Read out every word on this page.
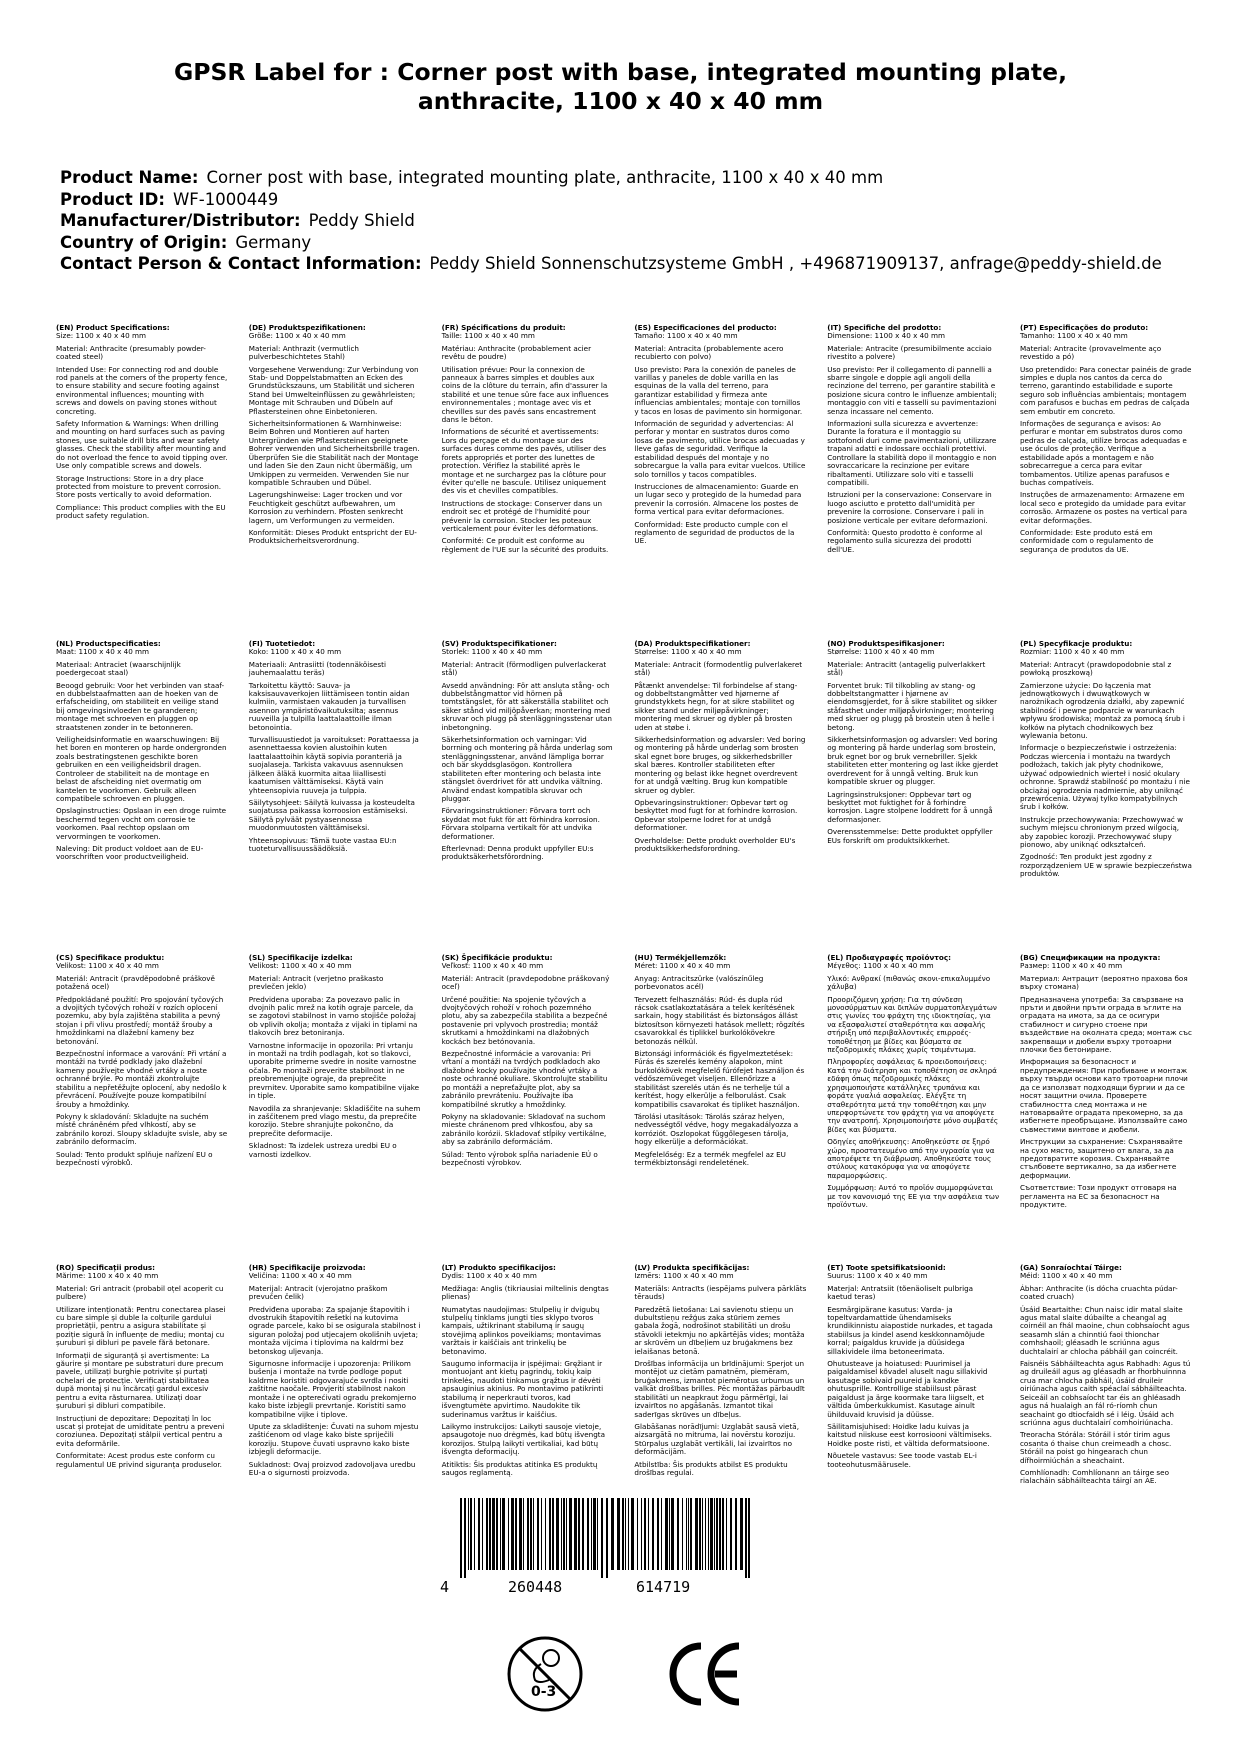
GPSR Label for : Corner post with base, integrated mounting plate,
anthracite, 1100 x 40 x 40 mm
Product Name: Corner post with base, integrated mounting plate, anthracite, 1100 x 40 x 40 mm
Product ID: WF-1000449
Manufacturer/Distributor: Peddy Shield
Country of Origin: Germany
Contact Person & Contact Information: Peddy Shield Sonnenschutzsysteme GmbH , +496871909137, anfrage@peddy-shield.de
(EN) Product Specifications:

Size: 1100 x 40 x 40 mm

Material: Anthracite (presumably powder-coated steel)

Intended Use: For connecting rod and double rod panels at the corners of the property fence, to ensure stability and secure footing against environmental influences; mounting with screws and dowels on paving stones without concreting.

Safety Information & Warnings: When drilling and mounting on hard surfaces such as paving stones, use suitable drill bits and wear safety glasses. Check the stability after mounting and do not overload the fence to avoid tipping over. Use only compatible screws and dowels.

Storage Instructions: Store in a dry place protected from moisture to prevent corrosion. Store posts vertically to avoid deformation.

Compliance: This product complies with the EU product safety regulation.

(DE) Produktspezifikationen:

Größe: 1100 x 40 x 40 mm

Material: Anthrazit (vermutlich pulverbeschichtetes Stahl)

Vorgesehene Verwendung: Zur Verbindung von Stab- und Doppelstabmatten an Ecken des Grundstückszauns, um Stabilität und sicheren Stand bei Umwelteinflüssen zu gewährleisten; Montage mit Schrauben und Dübeln auf Pflastersteinen ohne Einbetonieren.

Sicherheitsinformationen & Warnhinweise: Beim Bohren und Montieren auf harten Untergründen wie Pflastersteinen geeignete Bohrer verwenden und Sicherheitsbrille tragen. Überprüfen Sie die Stabilität nach der Montage und laden Sie den Zaun nicht übermäßig, um Umkippen zu vermeiden. Verwenden Sie nur kompatible Schrauben und Dübel.

Lagerungshinweise: Lager trocken und vor Feuchtigkeit geschützt aufbewahren, um Korrosion zu verhindern. Pfosten senkrecht lagern, um Verformungen zu vermeiden.

Konformität: Dieses Produkt entspricht der EU-Produktsicherheitsverordnung.

(FR) Spécifications du produit:

Taille: 1100 x 40 x 40 mm

Matériau: Anthracite (probablement acier revêtu de poudre)

Utilisation prévue: Pour la connexion de panneaux à barres simples et doubles aux coins de la clôture du terrain, afin d'assurer la stabilité et une tenue sûre face aux influences environnementales ; montage avec vis et chevilles sur des pavés sans encastrement dans le béton.

Informations de sécurité et avertissements: Lors du perçage et du montage sur des surfaces dures comme des pavés, utiliser des forets appropriés et porter des lunettes de protection. Vérifiez la stabilité après le montage et ne surchargez pas la clôture pour éviter qu'elle ne bascule. Utilisez uniquement des vis et chevilles compatibles.

Instructions de stockage: Conserver dans un endroit sec et protégé de l'humidité pour prévenir la corrosion. Stocker les poteaux verticalement pour éviter les déformations.

Conformité: Ce produit est conforme au règlement de l'UE sur la sécurité des produits.

(ES) Especificaciones del producto:

Tamaño: 1100 x 40 x 40 mm

Material: Antracita (probablemente acero recubierto con polvo)

Uso previsto: Para la conexión de paneles de varillas y paneles de doble varilla en las esquinas de la valla del terreno, para garantizar estabilidad y firmeza ante influencias ambientales; montaje con tornillos y tacos en losas de pavimento sin hormigonar.

Información de seguridad y advertencias: Al perforar y montar en sustratos duros como losas de pavimento, utilice brocas adecuadas y lleve gafas de seguridad. Verifique la estabilidad después del montaje y no sobrecargue la valla para evitar vuelcos. Utilice solo tornillos y tacos compatibles.

Instrucciones de almacenamiento: Guarde en un lugar seco y protegido de la humedad para prevenir la corrosión. Almacene los postes de forma vertical para evitar deformaciones.

Conformidad: Este producto cumple con el reglamento de seguridad de productos de la UE.

(IT) Specifiche del prodotto:

Dimensione: 1100 x 40 x 40 mm

Materiale: Antracite (presumibilmente acciaio rivestito a polvere)

Uso previsto: Per il collegamento di pannelli a sbarre singole e doppie agli angoli della recinzione del terreno, per garantire stabilità e posizione sicura contro le influenze ambientali; montaggio con viti e tasselli su pavimentazioni senza incassare nel cemento.

Informazioni sulla sicurezza e avvertenze: Durante la foratura e il montaggio su sottofondi duri come pavimentazioni, utilizzare trapani adatti e indossare occhiali protettivi. Controllare la stabilità dopo il montaggio e non sovraccaricare la recinzione per evitare ribaltamenti. Utilizzare solo viti e tasselli compatibili.

Istruzioni per la conservazione: Conservare in luogo asciutto e protetto dall'umidità per prevenire la corrosione. Conservare i pali in posizione verticale per evitare deformazioni.

Conformità: Questo prodotto è conforme al regolamento sulla sicurezza dei prodotti dell'UE.

(PT) Especificações do produto:

Tamanho: 1100 x 40 x 40 mm

Material: Antracite (provavelmente aço revestido a pó)

Uso pretendido: Para conectar painéis de grade simples e dupla nos cantos da cerca do terreno, garantindo estabilidade e suporte seguro sob influências ambientais; montagem com parafusos e buchas em pedras de calçada sem embutir em concreto.

Informações de segurança e avisos: Ao perfurar e montar em substratos duros como pedras de calçada, utilize brocas adequadas e use óculos de proteção. Verifique a estabilidade após a montagem e não sobrecarregue a cerca para evitar tombamentos. Utilize apenas parafusos e buchas compatíveis.

Instruções de armazenamento: Armazene em local seco e protegido da umidade para evitar corrosão. Armazene os postes na vertical para evitar deformações.

Conformidade: Este produto está em conformidade com o regulamento de segurança de produtos da UE.

(NL) Productspecificaties:

Maat: 1100 x 40 x 40 mm

Materiaal: Antraciet (waarschijnlijk poedergecoat staal)

Beoogd gebruik: Voor het verbinden van staaf- en dubbelstaafmatten aan de hoeken van de erfafscheiding, om stabiliteit en veilige stand bij omgevingsinvloeden te garanderen; montage met schroeven en pluggen op straatstenen zonder in te betonneren.

Veiligheidsinformatie en waarschuwingen: Bij het boren en monteren op harde ondergronden zoals bestratingstenen geschikte boren gebruiken en een veiligheidsbril dragen. Controleer de stabiliteit na de montage en belast de afscheiding niet overmatig om kantelen te voorkomen. Gebruik alleen compatibele schroeven en pluggen.

Opslaginstructies: Opslaan in een droge ruimte beschermd tegen vocht om corrosie te voorkomen. Paal rechtop opslaan om vervormingen te voorkomen.

Naleving: Dit product voldoet aan de EU-voorschriften voor productveiligheid.

(FI) Tuotetiedot:

Koko: 1100 x 40 x 40 mm

Materiaali: Antrasiitti (todennäköisesti jauhemaalattu teräs)

Tarkoitettu käyttö: Sauva- ja kaksisauvaverkojen liittämiseen tontin aidan kulmiin, varmistaen vakauden ja turvallisen asennon ympäristövaikutuksilta; asennus ruuveilla ja tulpilla laattalaattoille ilman betonointia.

Turvallisuustiedot ja varoitukset: Porattaessa ja asennettaessa kovien alustoihin kuten laattalaattoihin käytä sopivia poranteriä ja suojalaseja. Tarkista vakavuus asennuksen jälkeen äläkä kuormita aitaa liiallisesti kaatumisen välttämiseksi. Käytä vain yhteensopivia ruuveja ja tulppia.

Säilytysohjeet: Säilytä kuivassa ja kosteudelta suojatussa paikassa korroosion estämiseksi. Säilytä pylväät pystyasennossa muodonmuutosten välttämiseksi.

Yhteensopivuus: Tämä tuote vastaa EU:n tuoteturvallisuussäädöksiä.

(SV) Produktspecifikationer:

Storlek: 1100 x 40 x 40 mm

Material: Antracit (förmodligen pulverlackerat stål)

Avsedd användning: För att ansluta stång- och dubbelstångmattor vid hörnen på tomtstängslet, för att säkerställa stabilitet och säker stånd vid miljöpåverkan; montering med skruvar och plugg på stenläggningsstenar utan inbetongning.

Säkerhetsinformation och varningar: Vid borrning och montering på hårda underlag som stenläggningsstenar, använd lämpliga borrar och bär skyddsglasögon. Kontrollera stabiliteten efter montering och belasta inte stängslet överdrivet för att undvika vältning. Använd endast kompatibla skruvar och pluggar.

Förvaringsinstruktioner: Förvara torrt och skyddat mot fukt för att förhindra korrosion. Förvara stolparna vertikalt för att undvika deformationer.

Efterlevnad: Denna produkt uppfyller EU:s produktsäkerhetsförordning.

(DA) Produktspecifikationer:

Størrelse: 1100 x 40 x 40 mm

Materiale: Antracit (formodentlig pulverlakeret stål)

Påtænkt anvendelse: Til forbindelse af stang- og dobbeltstangmåtter ved hjørnerne af grundstykkets hegn, for at sikre stabilitet og sikker stand under miljøpåvirkninger; montering med skruer og dybler på brosten uden at støbe i.

Sikkerhedsinformation og advarsler: Ved boring og montering på hårde underlag som brosten skal egnet bore bruges, og sikkerhedsbriller skal bæres. Kontroller stabiliteten efter montering og belast ikke hegnet overdrevent for at undgå vælting. Brug kun kompatible skruer og dybler.

Opbevaringsinstruktioner: Opbevar tørt og beskyttet mod fugt for at forhindre korrosion. Opbevar stolperne lodret for at undgå deformationer.

Overholdelse: Dette produkt overholder EU's produktsikkerhedsforordning.

(NO) Produktspesifikasjoner:

Størrelse: 1100 x 40 x 40 mm

Materiale: Antracitt (antagelig pulverlakkert stål)

Forventet bruk: Til tilkobling av stang- og dobbeltstangmatter i hjørnene av eiendomsgjerdet, for å sikre stabilitet og sikker ståfasthet under miljøpåvirkninger; montering med skruer og plugg på brostein uten å helle i betong.

Sikkerhetsinformasjon og advarsler: Ved boring og montering på harde underlag som brostein, bruk egnet bor og bruk vernebriller. Sjekk stabiliteten etter montering og last ikke gjerdet overdrevent for å unngå velting. Bruk kun kompatible skruer og plugger.

Lagringsinstruksjoner: Oppbevar tørt og beskyttet mot fuktighet for å forhindre korrosjon. Lagre stolpene loddrett for å unngå deformasjoner.

Overensstemmelse: Dette produktet oppfyller EUs forskrift om produktsikkerhet.

(PL) Specyfikacje produktu:

Rozmiar: 1100 x 40 x 40 mm

Materiał: Antracyt (prawdopodobnie stal z powłoką proszkową)

Zamierzone użycie: Do łączenia mat jednowątkowych i dwuwątkowych w narożnikach ogrodzenia działki, aby zapewnić stabilność i pewne podparcie w warunkach wpływu środowiska; montaż za pomocą śrub i kołków na płytach chodnikowych bez wylewania betonu.

Informacje o bezpieczeństwie i ostrzeżenia: Podczas wiercenia i montażu na twardych podłożach, takich jak płyty chodnikowe, używać odpowiednich wierteł i nosić okulary ochronne. Sprawdź stabilność po montażu i nie obciążaj ogrodzenia nadmiernie, aby uniknąć przewrócenia. Używaj tylko kompatybilnych śrub i kołków.

Instrukcje przechowywania: Przechowywać w suchym miejscu chronionym przed wilgocią, aby zapobiec korozji. Przechowywać słupy pionowo, aby uniknąć odkształceń.

Zgodność: Ten produkt jest zgodny z rozporządzeniem UE w sprawie bezpieczeństwa produktów.

(CS) Specifikace produktu:

Velikost: 1100 x 40 x 40 mm

Materiál: Antracit (pravděpodobně práškově potažená ocel)

Předpokládané použití: Pro spojování tyčových a dvojitých tyčových rohoží v rozích oplocení pozemku, aby byla zajištěna stabilita a pevný stojan i při vlivu prostředí; montáž šrouby a hmoždinkami na dlažební kameny bez betonování.

Bezpečnostní informace a varování: Při vrtání a montáži na tvrdé podklady jako dlažební kameny používejte vhodné vrtáky a noste ochranné brýle. Po montáži zkontrolujte stabilitu a nepřetěžujte oplocení, aby nedošlo k převrácení. Používejte pouze kompatibilní šrouby a hmoždinky.

Pokyny k skladování: Skladujte na suchém místě chráněném před vlhkostí, aby se zabránilo korozi. Sloupy skladujte svisle, aby se zabránilo deformacím.

Soulad: Tento produkt splňuje nařízení EU o bezpečnosti výrobků.

(SL) Specifikacije izdelka:

Velikost: 1100 x 40 x 40 mm

Material: Antracit (verjetno praškasto prevlečen jeklo)

Predvidena uporaba: Za povezavo palic in dvojnih palic mrež na kotih ograje parcele, da se zagotovi stabilnost in varno stojišče položaj ob vplivih okolja; montaža z vijaki in tiplami na tlakovcih brez betoniranja.

Varnostne informacije in opozorila: Pri vrtanju in montaži na trdih podlagah, kot so tlakovci, uporabite primerne svedre in nosite varnostne očala. Po montaži preverite stabilnost in ne preobremenjujte ograje, da preprečite prevrnitev. Uporabite samo kompatibilne vijake in tiple.

Navodila za shranjevanje: Skladiščite na suhem in zaščitenem pred vlago mestu, da preprečite korozijo. Stebre shranjujte pokončno, da preprečite deformacije.

Skladnost: Ta izdelek ustreza uredbi EU o varnosti izdelkov.

(SK) Špecifikácie produktu:

Veľkosť: 1100 x 40 x 40 mm

Materiál: Antracit (pravdepodobne práškovaný oceľ)

Určené použitie: Na spojenie tyčových a dvojtyčových rohoží v rohoch pozemného plotu, aby sa zabezpečila stabilita a bezpečné postavenie pri vplyvoch prostredia; montáž skrutkami a hmoždinkami na dlažobných kockách bez betónovania.

Bezpečnostné informácie a varovania: Pri vŕtaní a montáži na tvrdých podkladoch ako dlažobné kocky používajte vhodné vrtáky a noste ochranné okuliare. Skontrolujte stabilitu po montáži a nepreťažujte plot, aby sa zabránilo prevráteniu. Používajte iba kompatibilné skrutky a hmoždinky.

Pokyny na skladovanie: Skladovať na suchom mieste chránenom pred vlhkosťou, aby sa zabránilo korózii. Skladovať stĺpiky vertikálne, aby sa zabránilo deformáciám.

Súlad: Tento výrobok spĺňa nariadenie EÚ o bezpečnosti výrobkov.

(HU) Termékjellemzők:

Méret: 1100 x 40 x 40 mm

Anyag: Antracitszürke (valószínűleg porbevonatos acél)

Tervezett felhasználás: Rúd- és dupla rúd rácsok csatlakoztatására a telek kerítésének sarkain, hogy stabilitást és biztonságos állást biztosítson környezeti hatások mellett; rögzítés csavarokkal és tiplikkel burkolókövekre betonozás nélkül.

Biztonsági információk és figyelmeztetések: Fúrás és szerelés kemény alapokon, mint burkolókövek megfelelő fúrófejet használjon és védőszemüveget viseljen. Ellenőrizze a stabilitást szerelés után és ne terhelje túl a kerítést, hogy elkerülje a felborulást. Csak kompatibilis csavarokat és tipliket használjon.

Tárolási utasítások: Tárolás száraz helyen, nedvességtől védve, hogy megakadályozza a korróziót. Oszlopokat függőlegesen tárolja, hogy elkerülje a deformációkat.

Megfelelőség: Ez a termék megfelel az EU termékbiztonsági rendeletének.

(EL) Προδιαγραφές προϊόντος:

Μέγεθος: 1100 x 40 x 40 mm

Υλικό: Ανθρακί (πιθανώς σκονι-επικαλυμμένο χάλυβα)

Προοριζόμενη χρήση: Για τη σύνδεση μονοσύρματων και διπλών συρματοπλεγμάτων στις γωνίες του φράχτη της ιδιοκτησίας, για να εξασφαλιστεί σταθερότητα και ασφαλής στήριξη υπό περιβαλλοντικές επιρροές· τοποθέτηση με βίδες και βύσματα σε πεζοδρομικές πλάκες χωρίς τσιμέντωμα.

Πληροφορίες ασφάλειας & προειδοποιήσεις: Κατά την διάτρηση και τοποθέτηση σε σκληρά εδάφη όπως πεζοδρομικές πλάκες χρησιμοποιήστε κατάλληλες τρυπάνια και φοράτε γυαλιά ασφαλείας. Ελέγξτε τη σταθερότητα μετά την τοποθέτηση και μην υπερφορτώνετε τον φράχτη για να αποφύγετε την ανατροπή. Χρησιμοποιήστε μόνο συμβατές βίδες και βύσματα.

Οδηγίες αποθήκευσης: Αποθηκεύστε σε ξηρό χώρο, προστατευμένο από την υγρασία για να αποτρέψετε τη διάβρωση. Αποθηκεύστε τους στύλους κατακόρυφα για να αποφύγετε παραμορφώσεις.

Συμμόρφωση: Αυτό το προϊόν συμμορφώνεται με τον κανονισμό της ΕΕ για την ασφάλεια των προϊόντων.

(BG) Спецификации на продукта:

Размер: 1100 x 40 x 40 mm

Материал: Антрацит (вероятно прахова боя върху стомана)

Предназначена употреба: За свързване на пръти и двойни пръти ограда в ъглите на оградата на имота, за да се осигури стабилност и сигурно стоене при въздействие на околната среда; монтаж със закрепващи и дюбели върху тротоарни плочки без бетониране.

Информация за безопасност и предупреждения: При пробиване и монтаж върху твърди основи като тротоарни плочи да се използват подходящи бургии и да се носят защитни очила. Проверете стабилността след монтажа и не натоварвайте оградата прекомерно, за да избегнете преобръщане. Използвайте само съвместими винтове и дюбели.

Инструкции за съхранение: Съхранявайте на сухо място, защитено от влага, за да предотвратите корозия. Съхранявайте стълбовете вертикално, за да избегнете деформации.

Съответствие: Този продукт отговаря на регламента на ЕС за безопасност на продуктите.

(RO) Specificații produs:

Mărime: 1100 x 40 x 40 mm

Material: Gri antracit (probabil oțel acoperit cu pulbere)

Utilizare intenționată: Pentru conectarea plasei cu bare simple și duble la colțurile gardului proprietății, pentru a asigura stabilitate și poziție sigură în influențe de mediu; montaj cu șuruburi și dibluri pe pavele fără betonare.

Informații de siguranță și avertismente: La găurire și montare pe substraturi dure precum pavele, utilizați burghie potrivite și purtați ochelari de protecție. Verificați stabilitatea după montaj și nu încărcați gardul excesiv pentru a evita răsturnarea. Utilizați doar șuruburi și dibluri compatibile.

Instrucțiuni de depozitare: Depozitați în loc uscat și protejat de umiditate pentru a preveni coroziunea. Depozitați stâlpii vertical pentru a evita deformările.

Conformitate: Acest produs este conform cu regulamentul UE privind siguranța produselor.

(HR) Specifikacije proizvoda:

Veličina: 1100 x 40 x 40 mm

Materijal: Antracit (vjerojatno praškom prevučen čelik)

Predviđena uporaba: Za spajanje štapovitih i dvostrukih štapovitih rešetki na kutovima ograde parcele, kako bi se osigurala stabilnost i siguran položaj pod utjecajem okolišnih uvjeta; montaža vijcima i tiplovima na kaldrmi bez betonskog uljevanja.

Sigurnosne informacije i upozorenja: Prilikom bušenja i montaže na tvrde podloge poput kaldrme koristiti odgovarajuće svrdla i nositi zaštitne naočale. Provjeriti stabilnost nakon montaže i ne opterećivati ogradu prekomjerno kako biste izbjegli prevrtanje. Koristiti samo kompatibilne vijke i tiplove.

Upute za skladištenje: Čuvati na suhom mjestu zaštićenom od vlage kako biste spriječili koroziju. Stupove čuvati uspravno kako biste izbjegli deformacije.

Sukladnost: Ovaj proizvod zadovoljava uredbu EU-a o sigurnosti proizvoda.

(LT) Produkto specifikacijos:

Dydis: 1100 x 40 x 40 mm

Medžiaga: Anglis (tikriausiai miltelinis dengtas plienas)

Numatytas naudojimas: Stulpelių ir dvigubų stulpelių tinklams jungti ties sklypo tvoros kampais, užtikrinant stabilumą ir saugų stovėjimą aplinkos poveikiams; montavimas varžtais ir kaiščiais ant trinkelių be betonavimo.

Saugumo informacija ir įspėjimai: Gręžiant ir montuojant ant kietų pagrindų, tokių kaip trinkelės, naudoti tinkamus grąžtus ir dėvėti apsauginius akinius. Po montavimo patikrinti stabilumą ir neperkrauti tvoros, kad išvengtumėte apvirtimo. Naudokite tik suderinamus varžtus ir kaiščius.

Laikymo instrukcijos: Laikyti sausoje vietoje, apsaugotoje nuo drėgmės, kad būtų išvengta korozijos. Stulpą laikyti vertikaliai, kad būtų išvengta deformacijų.

Atitiktis: Šis produktas atitinka ES produktų saugos reglamentą.

(LV) Produkta specifikācijas:

Izmērs: 1100 x 40 x 40 mm

Materiāls: Antracīts (iespējams pulvera pārklāts tērauds)

Paredzētā lietošana: Lai savienotu stieņu un dubultstieņu režģus zaka stūriem zemes gabala žogā, nodrošinot stabilitāti un drošu stāvokli ietekmju no apkārtējās vides; montāža ar skrūvēm un dībeļiem uz bruģakmens bez ielaišanas betonā.

Drošības informācija un brīdinājumi: Sperjot un montējot uz cietām pamatnēm, piemēram, bruģakmens, izmantot piemērotus urbumus un valkāt drošības brilles. Pēc montāžas pārbaudīt stabilitāti un neapkraut žogu pārmērīgi, lai izvairītos no apgāšanās. Izmantot tikai saderīgas skrūves un dībeļus.

Glabāšanas norādījumi: Uzglabāt sausā vietā, aizsargātā no mitruma, lai novērstu koroziju. Stūrpalus uzglabāt vertikāli, lai izvairītos no deformācijām.

Atbilstība: Šis produkts atbilst ES produktu drošības regulai.

(ET) Toote spetsifikatsioonid:

Suurus: 1100 x 40 x 40 mm

Materjal: Antratsiit (tõenäoliselt pulbriga kaetud teras)

Eesmärgipärane kasutus: Varda- ja topeltvardamattide ühendamiseks krundikinnistu aiapostide nurkades, et tagada stabiilsus ja kindel asend keskkonnamõjude korral; paigaldus kruvide ja düüsidega sillakividele ilma betoneerimata.

Ohutusteave ja hoiatused: Puurimisel ja paigaldamisel kõvadel aluselt nagu sillakivid kasutage sobivaid puureid ja kandke ohutusprille. Kontrollige stabiilsust pärast paigaldust ja ärge koormake tara liigselt, et vältida ümberkukkumist. Kasutage ainult ühilduvaid kruvisid ja düüsse.

Säilitamisjuhised: Hoidke ladu kuivas ja kaitstud niiskuse eest korrosiooni vältimiseks. Hoidke poste risti, et vältida deformatsioone.

Nõuetele vastavus: See toode vastab EL-i tooteohutusmäärusele.

(GA) Sonraíochtaí Táirge:

Méid: 1100 x 40 x 40 mm

Ábhar: Anthracite (is dócha cruachta púdar-coated cruach)

Úsáid Beartaithe: Chun naisc idir matal slaite agus matal slaite dúbailte a cheangal ag coirnéil an fhál maoine, chun cobhsaíocht agus seasamh slán a chinntiú faoi thionchar comhshaoil; gléasadh le scriúnna agus duchtalairí ar chlocha pábháil gan coincréit.

Faisnéis Sábháilteachta agus Rabhadh: Agus tú ag druileáil agus ag gléasadh ar fhorbhuinnna crua mar chlocha pábháil, úsáid druileir oiriúnacha agus caith spéaclaí sábháilteachta. Seiceáil an cobhsaíocht tar éis an ghléasadh agus ná hualaigh an fál ró-ríomh chun seachaint go dtiocfaidh sé i léig. Úsáid ach scriúnna agus duchtalairí comhoiriúnacha.

Treoracha Stórála: Stóráil i stór tirim agus cosanta ó thaise chun creimeadh a chosc. Stóráil na poist go hingearach chun dífhoirmiúchán a sheachaint.

Comhlíonadh: Comhlíonann an táirge seo rialacháin sábháilteachta táirgí an AE.

4	260448	614719
0-3
